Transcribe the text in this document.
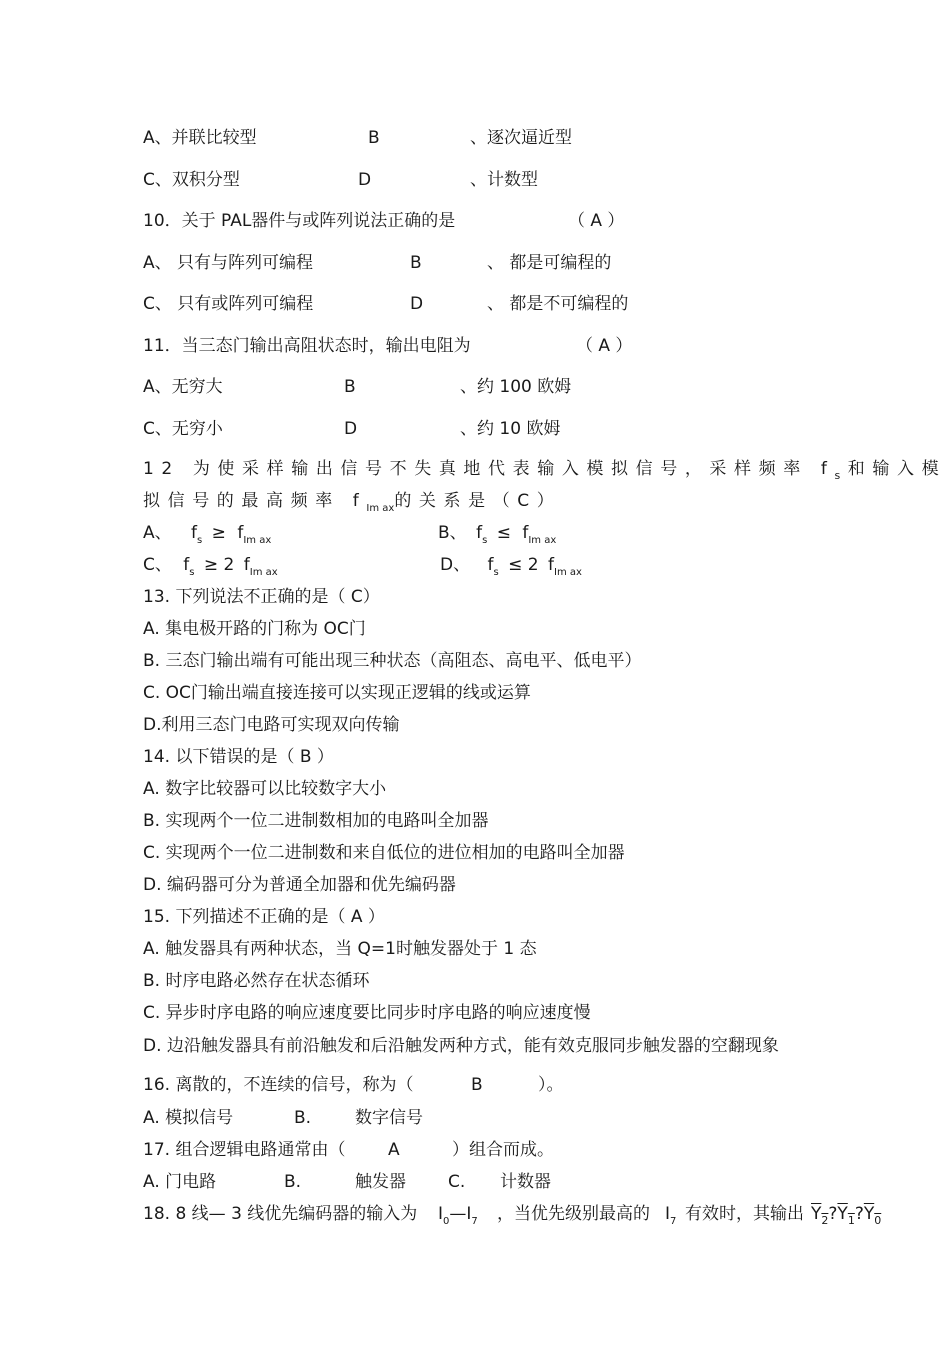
A、并联比较型	B	、逐次逼近型
C、双积分型	D	、计数型
10．关于 PAL器件与或阵列说法正确的是	（ A ）
A、 只有与阵列可编程	B	、 都是可编程的
C、 只有或阵列可编程	D	、 都是不可编程的
11．当三态门输出高阻状态时，输出电阻为	（ A ）
A、无穷大	B	、约 100 欧姆
C、无穷小	D	、约 10 欧姆
12 为使采样输出信号不失真地代表输入模拟信号，采样频率 $f_s$和输入模
拟信号的最高频率 $f_{Im ax}$的关系是（C）
A、 $f_s \ge f_{Im ax}$	B、 $f_s \le f_{Im ax}$
C、 $f_s \ge 2$ $f_{Im ax}$	D、 $f_s \le 2$ $f_{Im ax}$
13. 下列说法不正确的是（ C）
A. 集电极开路的门称为 OC门
B. 三态门输出端有可能出现三种状态（高阻态、高电平、低电平）
C. OC门输出端直接连接可以实现正逻辑的线或运算
D.利用三态门电路可实现双向传输
14. 以下错误的是（ B ）
A. 数字比较器可以比较数字大小
B. 实现两个一位二进制数相加的电路叫全加器
C. 实现两个一位二进制数和来自低位的进位相加的电路叫全加器
D. 编码器可分为普通全加器和优先编码器
15. 下列描述不正确的是（ A ）
A. 触发器具有两种状态，当 Q=1时触发器处于 1 态
B. 时序电路必然存在状态循环
C. 异步时序电路的响应速度要比同步时序电路的响应速度慢
D. 边沿触发器具有前沿触发和后沿触发两种方式，能有效克服同步触发器的空翻现象
16. 离散的，不连续的信号，称为（	B	）。
A. 模拟信号	B.	数字信号
17. 组合逻辑电路通常由（	A	）组合而成。
A. 门电路	B.	触发器 C. 计数器
18. 8 线— 3 线优先编码器的输入为 $I_0—I_7$ ，当优先级别最高的 $I_7$ 有效时，其输出 $\overline{Y}_2?\overline{Y}_1?\overline{Y}_0$
